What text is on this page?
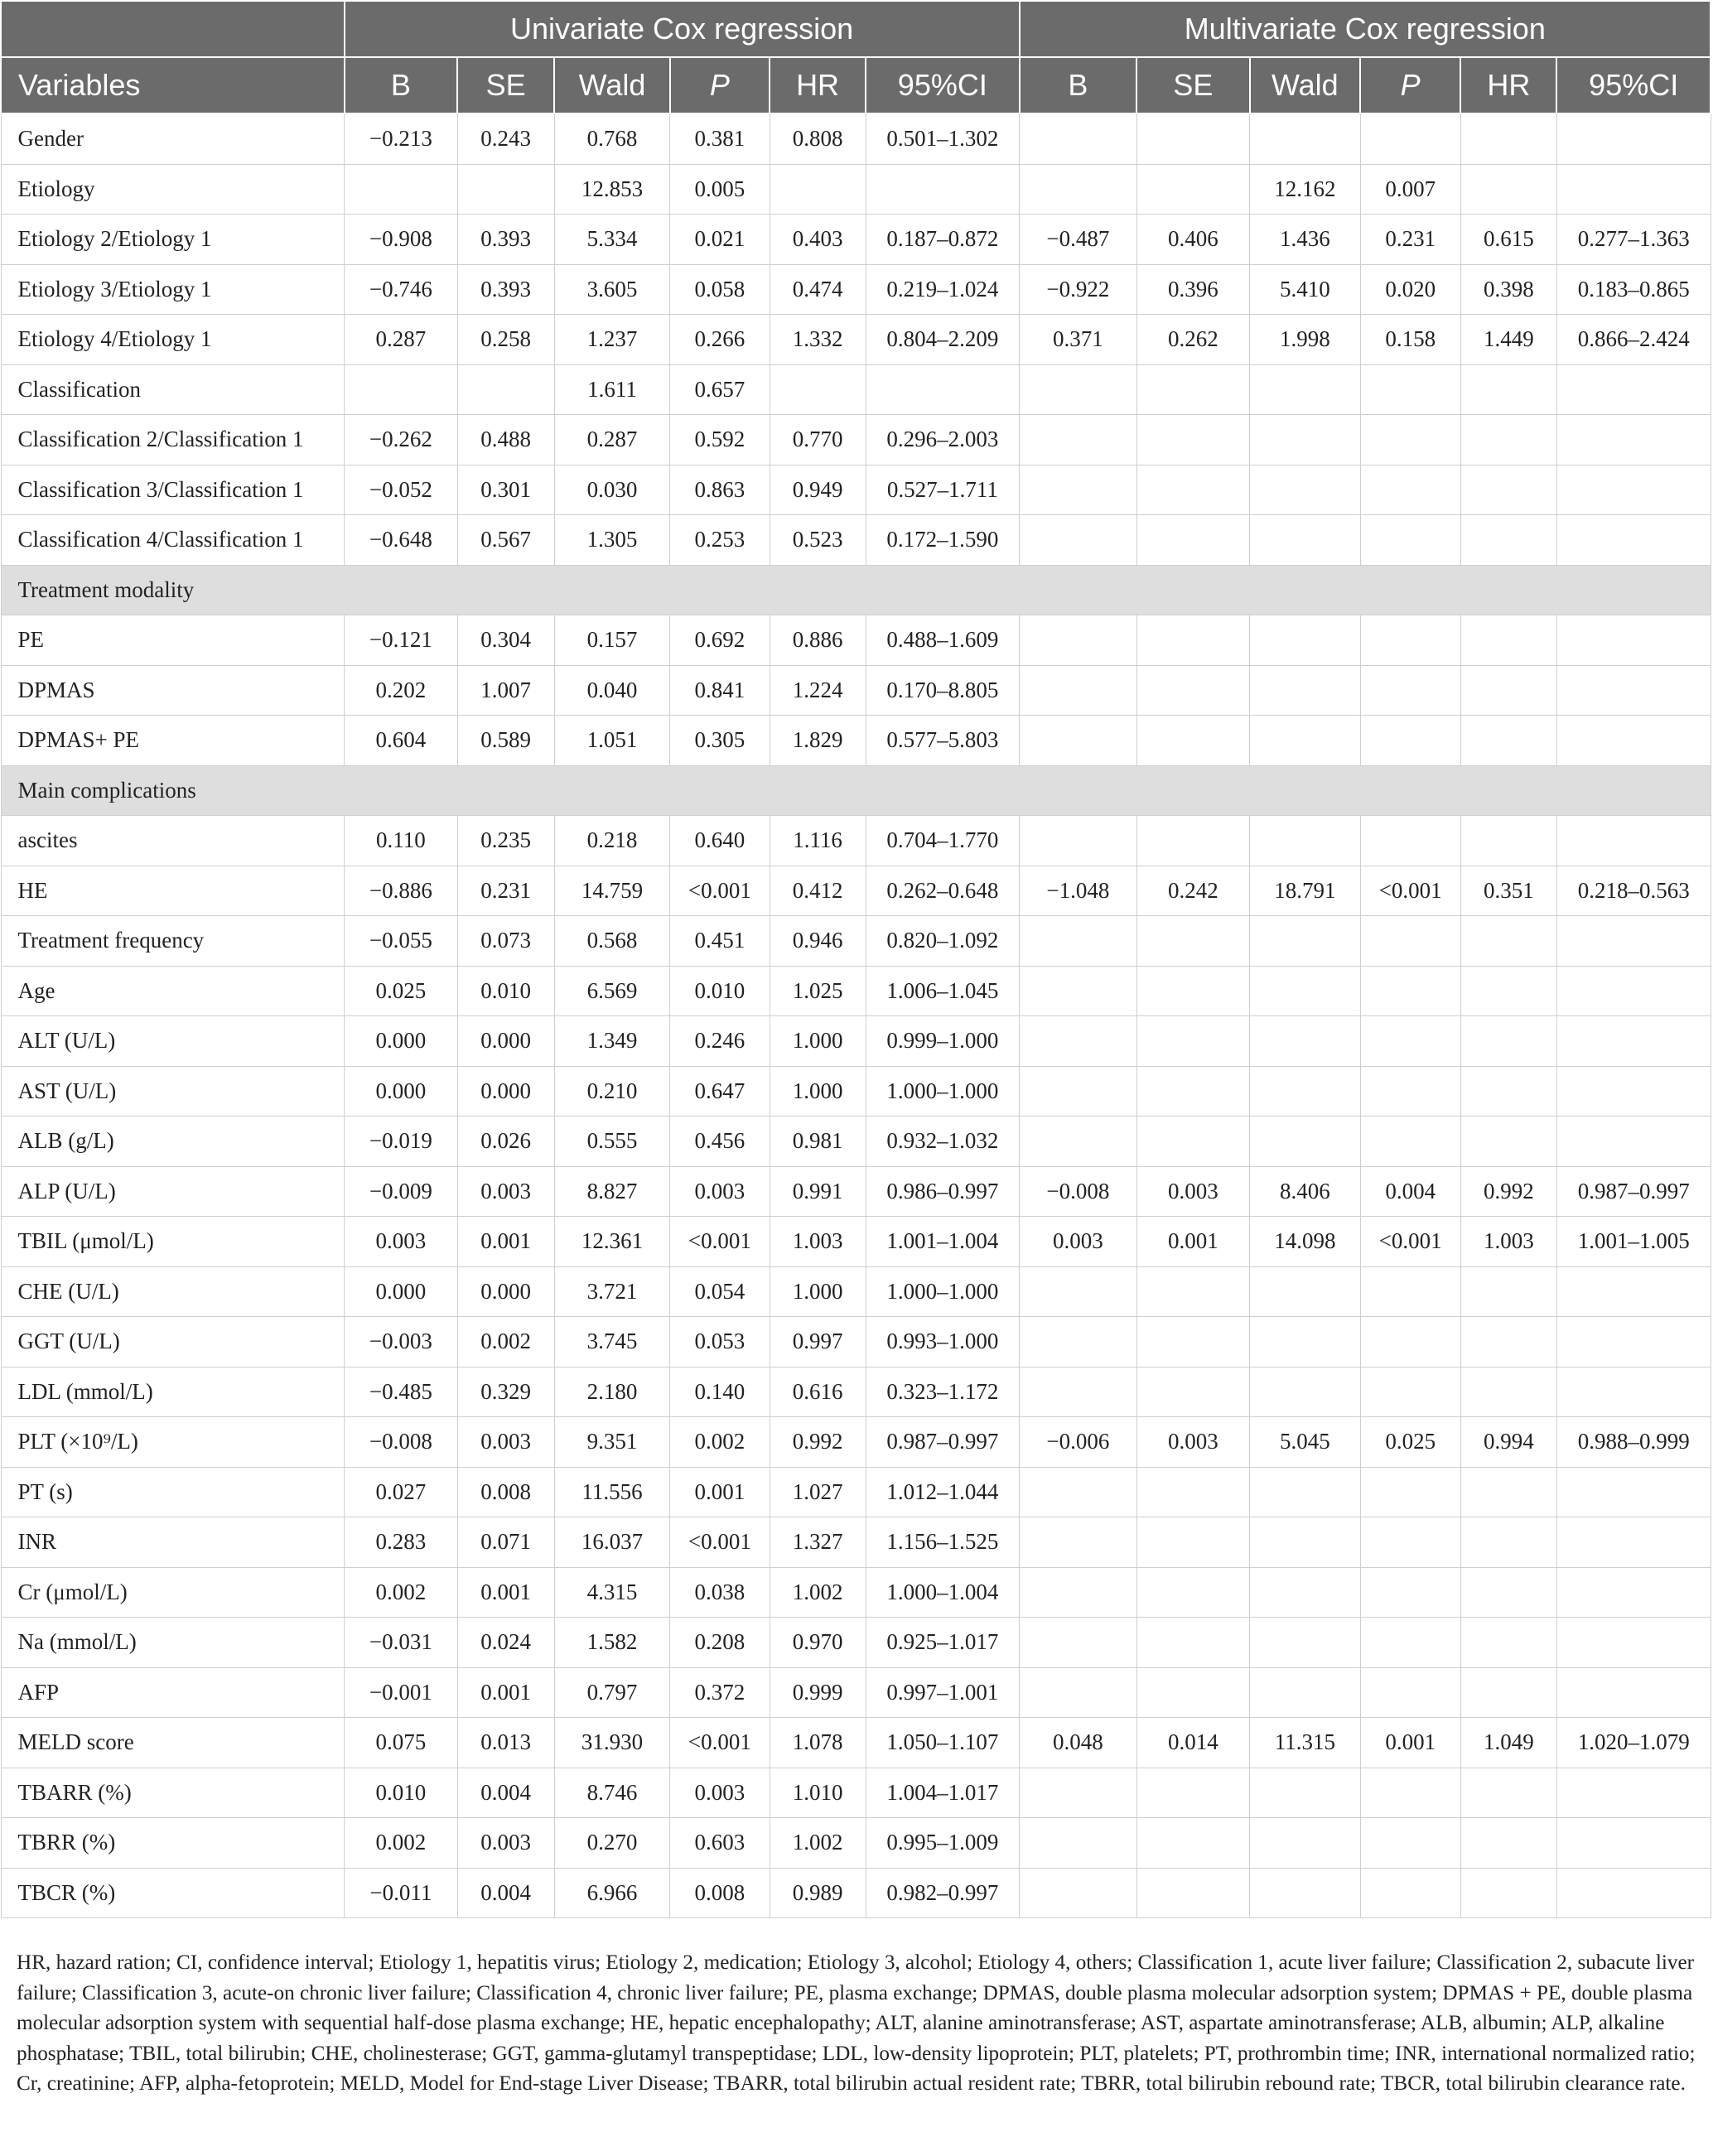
	Univariate Cox regression						Multivariate Cox regression					
Variables	B	SE	Wald	P	HR	95%CI	B	SE	Wald	P	HR	95%CI
Gender	−0.213	0.243	0.768	0.381	0.808	0.501–1.302						
Etiology			12.853	0.005					12.162	0.007		
Etiology 2/Etiology 1	−0.908	0.393	5.334	0.021	0.403	0.187–0.872	−0.487	0.406	1.436	0.231	0.615	0.277–1.363
Etiology 3/Etiology 1	−0.746	0.393	3.605	0.058	0.474	0.219–1.024	−0.922	0.396	5.410	0.020	0.398	0.183–0.865
Etiology 4/Etiology 1	0.287	0.258	1.237	0.266	1.332	0.804–2.209	0.371	0.262	1.998	0.158	1.449	0.866–2.424
Classification			1.611	0.657								
Classification 2/Classification 1	−0.262	0.488	0.287	0.592	0.770	0.296–2.003						
Classification 3/Classification 1	−0.052	0.301	0.030	0.863	0.949	0.527–1.711						
Classification 4/Classification 1	−0.648	0.567	1.305	0.253	0.523	0.172–1.590						
Treatment modality												
PE	−0.121	0.304	0.157	0.692	0.886	0.488–1.609						
DPMAS	0.202	1.007	0.040	0.841	1.224	0.170–8.805						
DPMAS+ PE	0.604	0.589	1.051	0.305	1.829	0.577–5.803						
Main complications												
ascites	0.110	0.235	0.218	0.640	1.116	0.704–1.770						
HE	−0.886	0.231	14.759	<0.001	0.412	0.262–0.648	−1.048	0.242	18.791	<0.001	0.351	0.218–0.563
Treatment frequency	−0.055	0.073	0.568	0.451	0.946	0.820–1.092						
Age	0.025	0.010	6.569	0.010	1.025	1.006–1.045						
ALT (U/L)	0.000	0.000	1.349	0.246	1.000	0.999–1.000						
AST (U/L)	0.000	0.000	0.210	0.647	1.000	1.000–1.000						
ALB (g/L)	−0.019	0.026	0.555	0.456	0.981	0.932–1.032						
ALP (U/L)	−0.009	0.003	8.827	0.003	0.991	0.986–0.997	−0.008	0.003	8.406	0.004	0.992	0.987–0.997
TBIL (μmol/L)	0.003	0.001	12.361	<0.001	1.003	1.001–1.004	0.003	0.001	14.098	<0.001	1.003	1.001–1.005
CHE (U/L)	0.000	0.000	3.721	0.054	1.000	1.000–1.000						
GGT (U/L)	−0.003	0.002	3.745	0.053	0.997	0.993–1.000						
LDL (mmol/L)	−0.485	0.329	2.180	0.140	0.616	0.323–1.172						
PLT (×10⁹/L)	−0.008	0.003	9.351	0.002	0.992	0.987–0.997	−0.006	0.003	5.045	0.025	0.994	0.988–0.999
PT (s)	0.027	0.008	11.556	0.001	1.027	1.012–1.044						
INR	0.283	0.071	16.037	<0.001	1.327	1.156–1.525						
Cr (μmol/L)	0.002	0.001	4.315	0.038	1.002	1.000–1.004						
Na (mmol/L)	−0.031	0.024	1.582	0.208	0.970	0.925–1.017						
AFP	−0.001	0.001	0.797	0.372	0.999	0.997–1.001						
MELD score	0.075	0.013	31.930	<0.001	1.078	1.050–1.107	0.048	0.014	11.315	0.001	1.049	1.020–1.079
TBARR (%)	0.010	0.004	8.746	0.003	1.010	1.004–1.017						
TBRR (%)	0.002	0.003	0.270	0.603	1.002	0.995–1.009						
TBCR (%)	−0.011	0.004	6.966	0.008	0.989	0.982–0.997						
HR, hazard ration; CI, confidence interval; Etiology 1, hepatitis virus; Etiology 2, medication; Etiology 3, alcohol; Etiology 4, others; Classification 1, acute liver failure; Classification 2, subacute liver failure; Classification 3, acute-on chronic liver failure; Classification 4, chronic liver failure; PE, plasma exchange; DPMAS, double plasma molecular adsorption system; DPMAS + PE, double plasma molecular adsorption system with sequential half-dose plasma exchange; HE, hepatic encephalopathy; ALT, alanine aminotransferase; AST, aspartate aminotransferase; ALB, albumin; ALP, alkaline phosphatase; TBIL, total bilirubin; CHE, cholinesterase; GGT, gamma-glutamyl transpeptidase; LDL, low-density lipoprotein; PLT, platelets; PT, prothrombin time; INR, international normalized ratio; Cr, creatinine; AFP, alpha-fetoprotein; MELD, Model for End-stage Liver Disease; TBARR, total bilirubin actual resident rate; TBRR, total bilirubin rebound rate; TBCR, total bilirubin clearance rate.
